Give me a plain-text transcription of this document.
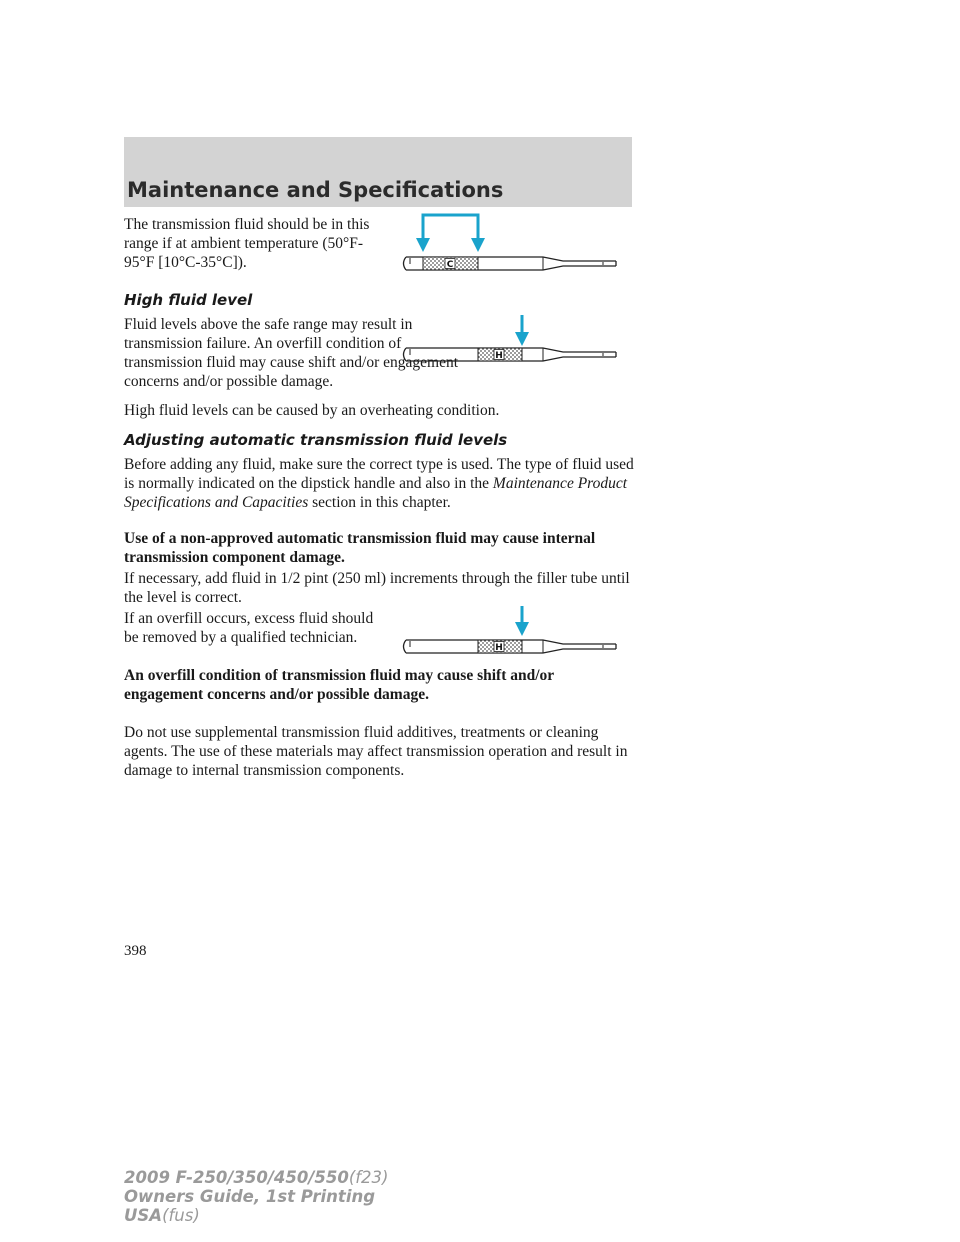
Maintenance and Specifications

The transmission fluid should be in this range if at ambient temperature (50°F-95°F [10°C-35°C]).	C
High fluid level

Fluid levels above the safe range may result in transmission failure. An overfill condition of transmission fluid may cause shift and/or engagement concerns and/or possible damage.

H

High fluid levels can be caused by an overheating condition.

Adjusting automatic transmission fluid levels

Before adding any fluid, make sure the correct type is used. The type of fluid used is normally indicated on the dipstick handle and also in the Maintenance Product Specifications and Capacities section in this chapter.

Use of a non-approved automatic transmission fluid may cause internal transmission component damage.

If necessary, add fluid in 1/2 pint (250 ml) increments through the filler tube until the level is correct.

If an overfill occurs, excess fluid should be removed by a qualified technician.

H

An overfill condition of transmission fluid may cause shift and/or engagement concerns and/or possible damage.

Do not use supplemental transmission fluid additives, treatments or cleaning agents. The use of these materials may affect transmission operation and result in damage to internal transmission components.

398
2009 F-250/350/450/550(f23)
Owners Guide, 1st Printing
USA(fus)
